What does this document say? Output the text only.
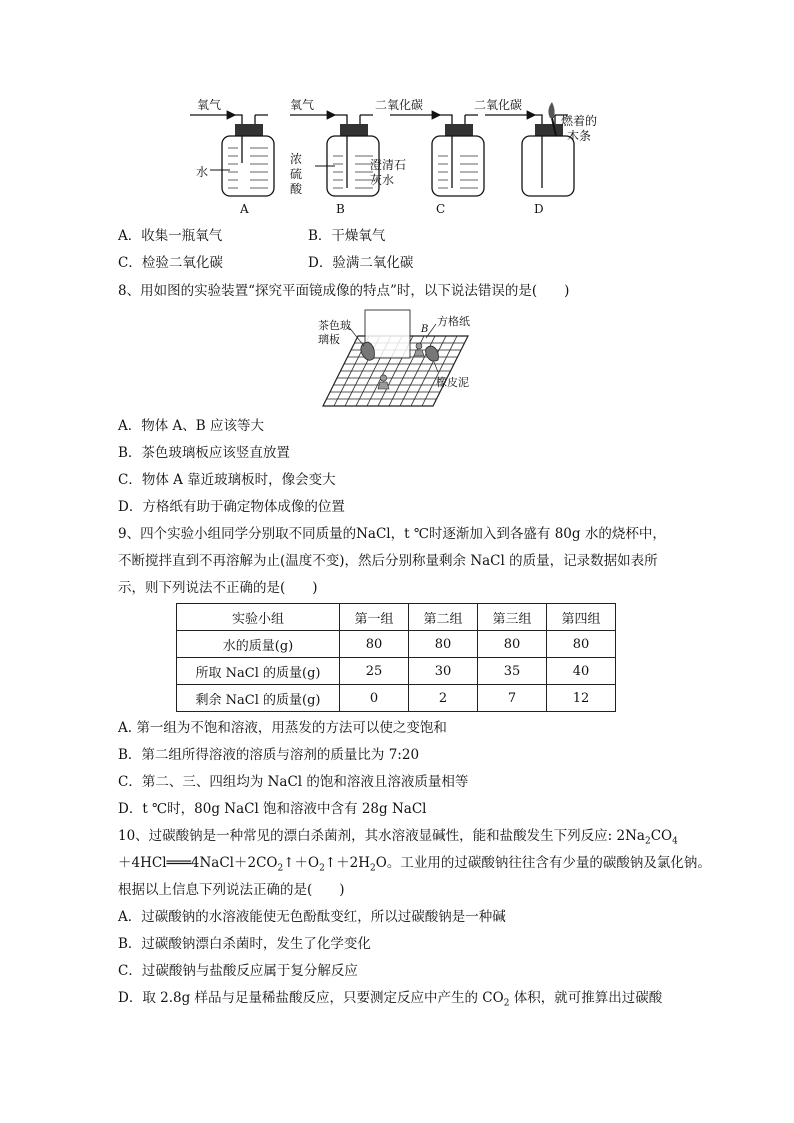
氧气	氧气	二氧化碳	二氧化碳
水
浓硫酸
澄清石灰水
燃着的木条
A	B	C	D
A．收集一瓶氧气	B．干燥氧气
C．检验二氧化碳	D．验满二氧化碳
8、用如图的实验装置“探究平面镜成像的特点”时，以下说法错误的是(　　)
茶色玻璃板
方格纸
橡皮泥
B
A．物体 A、B 应该等大
B．茶色玻璃板应该竖直放置
C．物体 A 靠近玻璃板时，像会变大
D．方格纸有助于确定物体成像的位置
9、四个实验小组同学分别取不同质量的NaCl，t ℃时逐渐加入到各盛有 80g 水的烧杯中，
不断搅拌直到不再溶解为止(温度不变)，然后分别称量剩余 NaCl 的质量，记录数据如表所
示，则下列说法不正确的是(　　)
实验小组	第一组	第二组	第三组	第四组
水的质量(g)	80	80	80	80
所取 NaCl 的质量(g)	25	30	35	40
剩余 NaCl 的质量(g)	0	2	7	12
A. 第一组为不饱和溶液，用蒸发的方法可以使之变饱和
B．第二组所得溶液的溶质与溶剂的质量比为 7:20
C．第二、三、四组均为 NaCl 的饱和溶液且溶液质量相等
D．t ℃时，80g NaCl 饱和溶液中含有 28g NaCl
10、过碳酸钠是一种常见的漂白杀菌剂，其水溶液显碱性，能和盐酸发生下列反应: $2Na_2CO_4$
$+4HCl═══4NaCl+2CO_2↑+O_2↑+2H_2O$。工业用的过碳酸钠往往含有少量的碳酸钠及氯化钠。
根据以上信息下列说法正确的是(　　)
A．过碳酸钠的水溶液能使无色酚酞变红，所以过碳酸钠是一种碱
B．过碳酸钠漂白杀菌时，发生了化学变化
C．过碳酸钠与盐酸反应属于复分解反应
D．取 2.8g 样品与足量稀盐酸反应，只要测定反应中产生的 $CO_2$ 体积，就可推算出过碳酸
